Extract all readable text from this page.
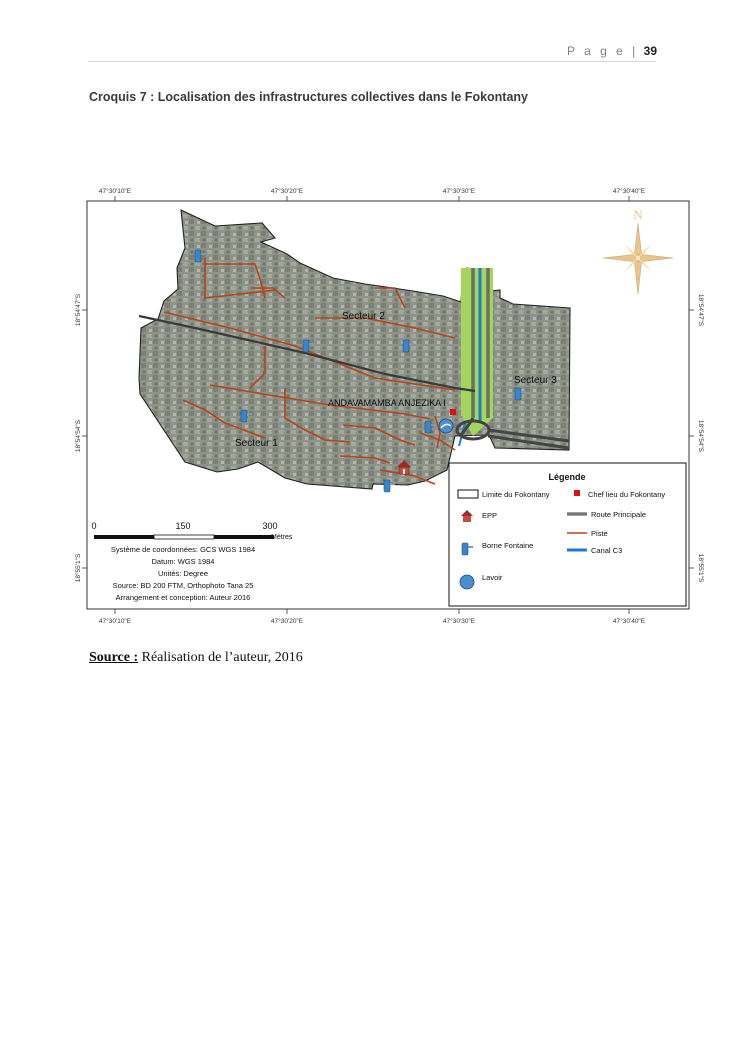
P a g e | 39
Croquis 7 : Localisation des infrastructures collectives dans le Fokontany
47°30'10"E	47°30'20"E	47°30'30"E	47°30'40"E
47°30'10"E	47°30'20"E	47°30'30"E	47°30'40"E
18°54'47"S
18°54'54"S
18°55'1"S
18°54'47"S
18°54'54"S
18°55'1"S
Secteur 1
Secteur 2
Secteur 3
ANDAVAMAMBA ANJEZIKA I
N
0	150	300
Mètres
Système de coordonnées: GCS WGS 1984
Datum: WGS 1984
Unités: Degree
Source: BD 200 FTM, Orthophoto Tana 25
Arrangement et conception: Auteur 2016
Légende
Limite du Fokontany	Chef lieu du Fokontany
EPP	Route Principale
Piste
Borne Fontaine
Canal C3
Lavoir
Source : Réalisation de l’auteur, 2016
